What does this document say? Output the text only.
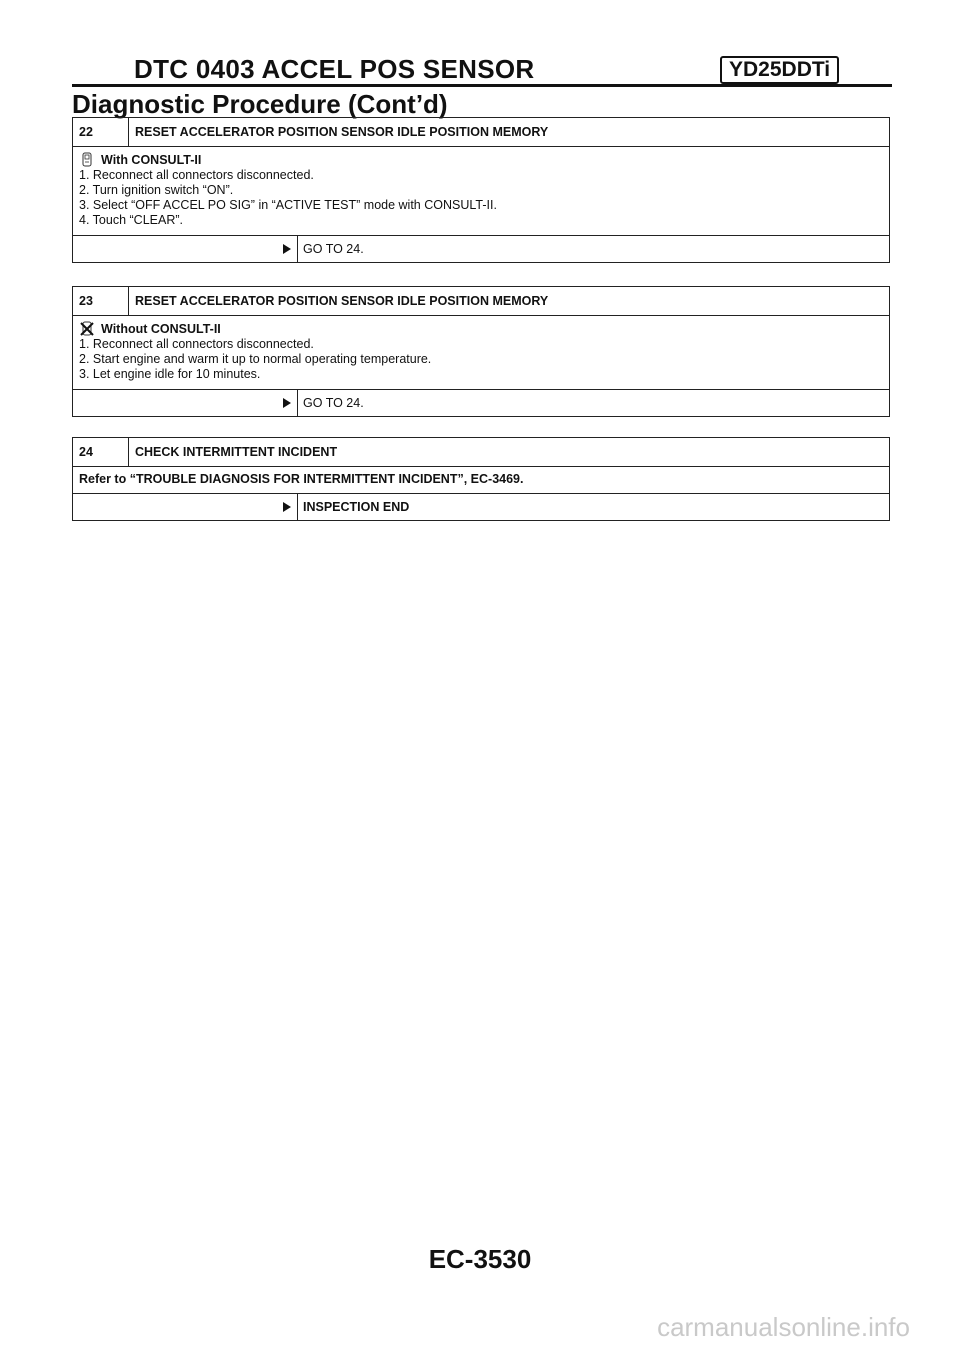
DTC 0403 ACCEL POS SENSOR	YD25DDTi
Diagnostic Procedure (Cont’d)
22	RESET ACCELERATOR POSITION SENSOR IDLE POSITION MEMORY
With CONSULT-II
1. Reconnect all connectors disconnected.
2. Turn ignition switch “ON”.
3. Select “OFF ACCEL PO SIG” in “ACTIVE TEST” mode with CONSULT-II.
4. Touch “CLEAR”.
GO TO 24.
23	RESET ACCELERATOR POSITION SENSOR IDLE POSITION MEMORY
Without CONSULT-II
1. Reconnect all connectors disconnected.
2. Start engine and warm it up to normal operating temperature.
3. Let engine idle for 10 minutes.
GO TO 24.
24	CHECK INTERMITTENT INCIDENT
Refer to “TROUBLE DIAGNOSIS FOR INTERMITTENT INCIDENT”, EC-3469.
INSPECTION END
EC-3530
carmanualsonline.info
